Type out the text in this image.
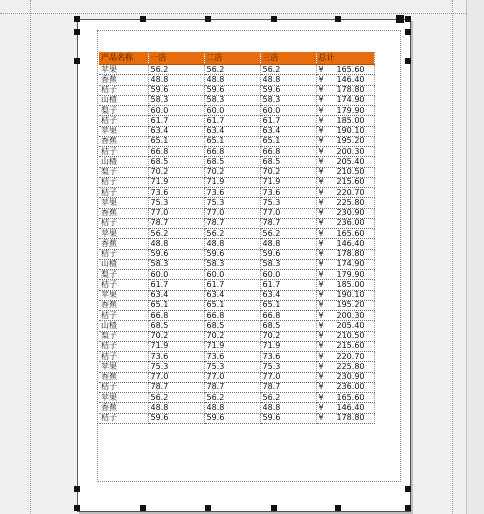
产品名称	一店	二店	三店	总计
苹果	56.2	56.2	56.2	¥ 165.60
香蕉	48.8	48.8	48.8	¥ 146.40
桔子	59.6	59.6	59.6	¥ 178.80
山楂	58.3	58.3	58.3	¥ 174.90
梨子	60.0	60.0	60.0	¥ 179.90
桔子	61.7	61.7	61.7	¥ 185.00
苹果	63.4	63.4	63.4	¥ 190.10
香蕉	65.1	65.1	65.1	¥ 195.20
桔子	66.8	66.8	66.8	¥ 200.30
山楂	68.5	68.5	68.5	¥ 205.40
梨子	70.2	70.2	70.2	¥ 210.50
桔子	71.9	71.9	71.9	¥ 215.60
桔子	73.6	73.6	73.6	¥ 220.70
苹果	75.3	75.3	75.3	¥ 225.80
香蕉	77.0	77.0	77.0	¥ 230.90
桔子	78.7	78.7	78.7	¥ 236.00
苹果	56.2	56.2	56.2	¥ 165.60
香蕉	48.8	48.8	48.8	¥ 146.40
桔子	59.6	59.6	59.6	¥ 178.80
山楂	58.3	58.3	58.3	¥ 174.90
梨子	60.0	60.0	60.0	¥ 179.90
桔子	61.7	61.7	61.7	¥ 185.00
苹果	63.4	63.4	63.4	¥ 190.10
香蕉	65.1	65.1	65.1	¥ 195.20
桔子	66.8	66.8	66.8	¥ 200.30
山楂	68.5	68.5	68.5	¥ 205.40
梨子	70.2	70.2	70.2	¥ 210.50
桔子	71.9	71.9	71.9	¥ 215.60
桔子	73.6	73.6	73.6	¥ 220.70
苹果	75.3	75.3	75.3	¥ 225.80
香蕉	77.0	77.0	77.0	¥ 230.90
桔子	78.7	78.7	78.7	¥ 236.00
苹果	56.2	56.2	56.2	¥ 165.60
香蕉	48.8	48.8	48.8	¥ 146.40
桔子	59.6	59.6	59.6	¥ 178.80
